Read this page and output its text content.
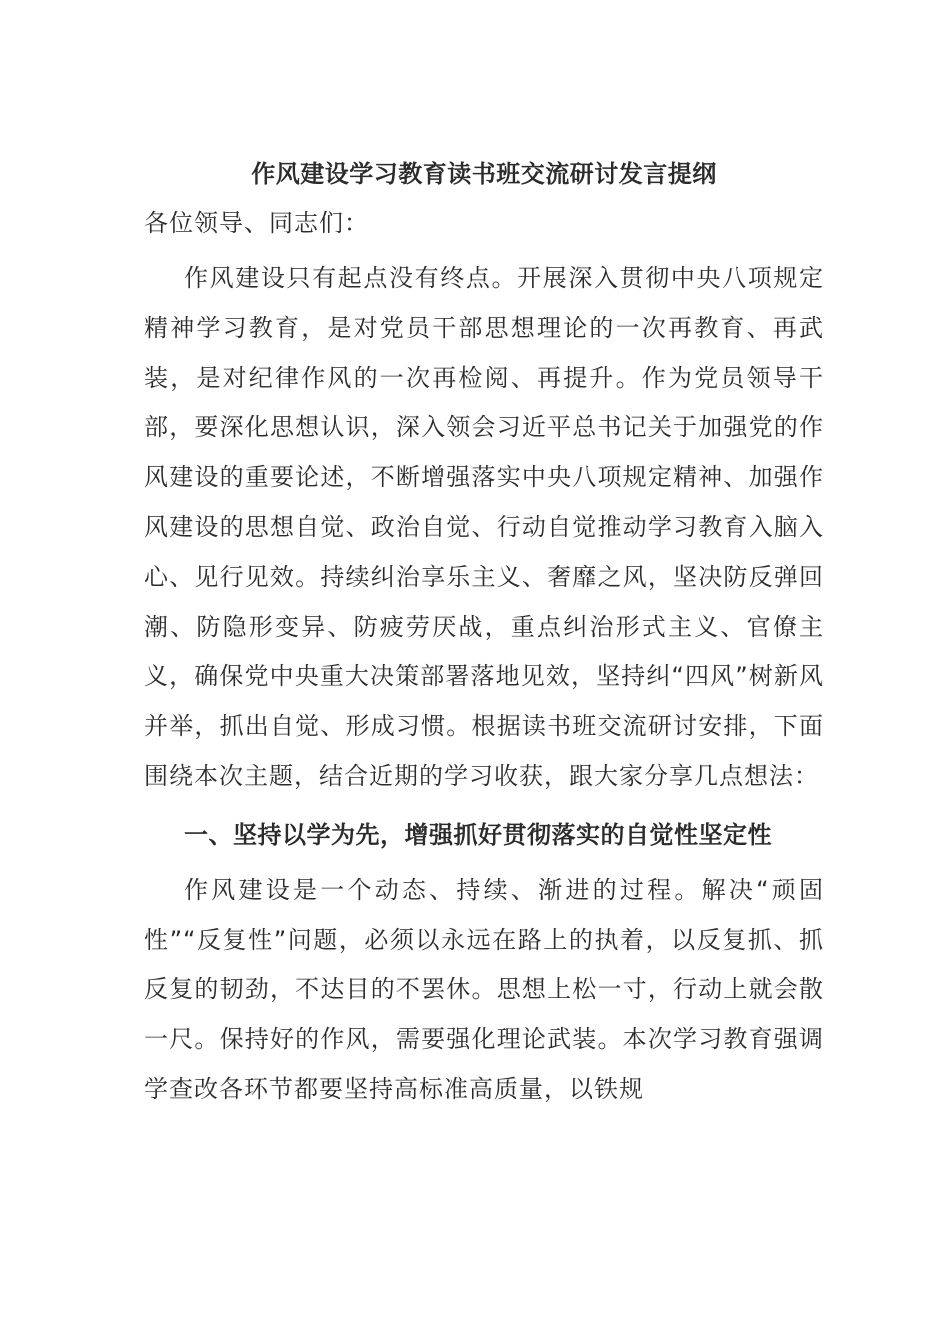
作风建设学习教育读书班交流研讨发言提纲
各位领导、同志们：

作风建设只有起点没有终点。开展深入贯彻中央八项规定精神学习教育，是对党员干部思想理论的一次再教育、再武装，是对纪律作风的一次再检阅、再提升。作为党员领导干部，要深化思想认识，深入领会习近平总书记关于加强党的作风建设的重要论述，不断增强落实中央八项规定精神、加强作风建设的思想自觉、政治自觉、行动自觉推动学习教育入脑入心、见行见效。持续纠治享乐主义、奢靡之风，坚决防反弹回潮、防隐形变异、防疲劳厌战，重点纠治形式主义、官僚主义，确保党中央重大决策部署落地见效，坚持纠“四风”树新风并举，抓出自觉、形成习惯。根据读书班交流研讨安排，下面围绕本次主题，结合近期的学习收获，跟大家分享几点想法：

一、坚持以学为先，增强抓好贯彻落实的自觉性坚定性

作风建设是一个动态、持续、渐进的过程。解决“顽固性”“反复性”问题，必须以永远在路上的执着，以反复抓、抓反复的韧劲，不达目的不罢休。思想上松一寸，行动上就会散一尺。保持好的作风，需要强化理论武装。本次学习教育强调学查改各环节都要坚持高标准高质量，以铁规
